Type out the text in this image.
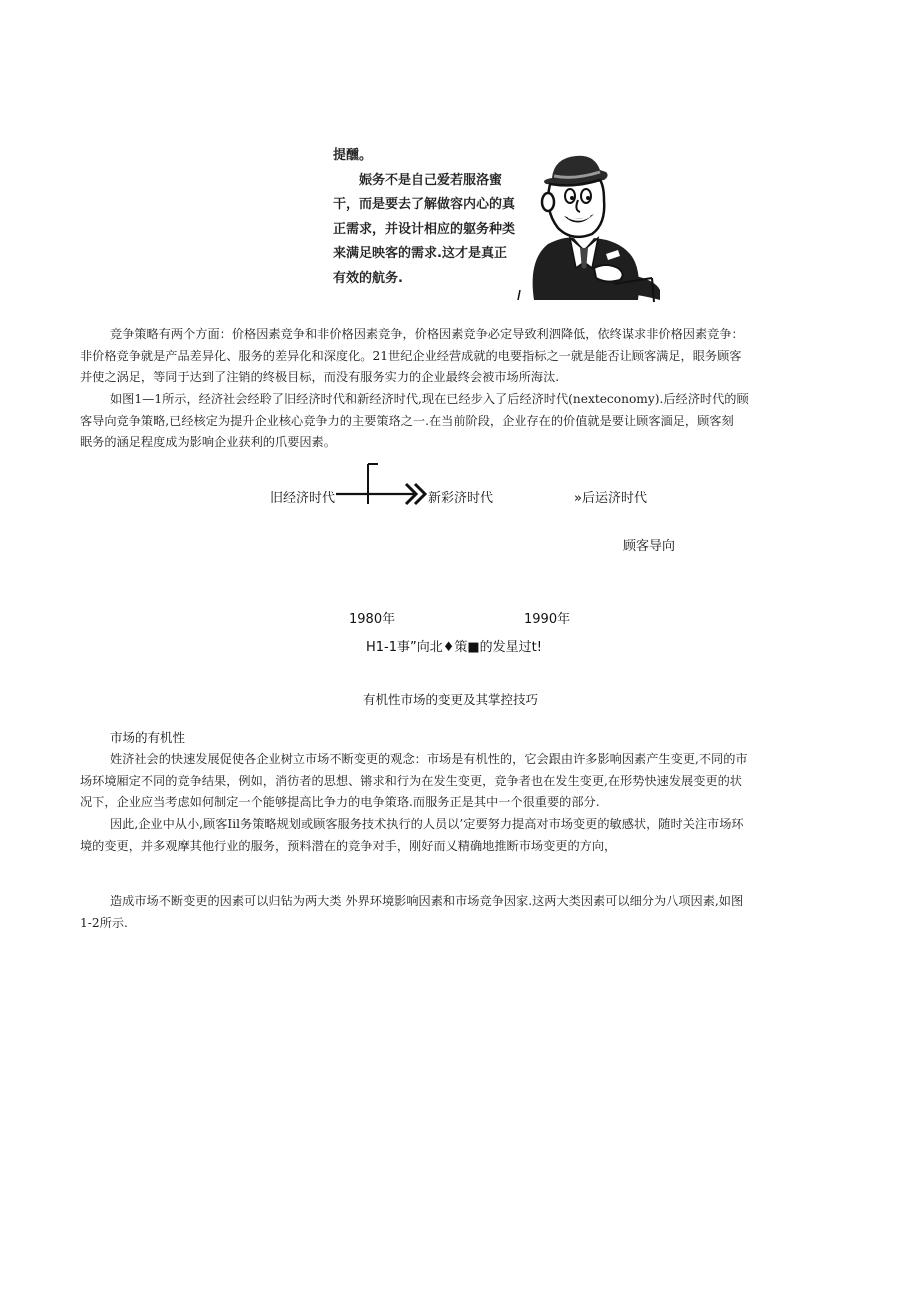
提醺。
娠务不是自己爱若服洛蜜
干，而是要去了解做容内心的真
正需求，并设计相应的躯务种类
来满足映客的需求.这才是真正
有效的航务.
竞争策略有两个方面：价格因素竞争和非价格因素竞争，价格因素竞争必定导致利泗降低，依终谋求非价格因素竞争：
非价格竞争就是产品差异化、服务的差异化和深度化。21世纪企业经营成就的电要指标之一就是能否让顾客满足，眼务顾客
并使之涡足，等同于达到了注销的终极目标，而没有服务实力的企业最终会被市场所海汰.
如图1—1所示，经济社会经聆了旧经济时代和新经济时代,现在已经步入了后经济时代(nexteconomy).后经济时代的顾
客导向竞争策略,已经核定为提升企业核心竞争力的主要策珞之一.在当前阶段，企业存在的价值就是要让顾客湎足，顾客刻
眠务的涵足程度成为影响企业获利的爪要因素。
旧经济时代	新彩济时代	»后运济时代
顾客导向
1980年	1990年
H1-1事”向北♦策■的发星过t!
有机性市场的变更及其掌控技巧
市场的有机性
姓济社会的快速发展促使各企业树立市场不断变更的观念：市场是有机性的，它会跟由许多影响因素产生变更,不同的市
场环境厢定不同的竞争结果，例如，消彷者的思想、锵求和行为在发生变更，竞争者也在发生变更,在形势快速发展变更的状
况下，企业应当考虑如何制定一个能够提高比争力的电争策珞.而服务正是其中一个很重要的部分.
因此,企业中从小,顾客Iil务策略规划或顾客服务技术执行的人员以’定要努力提高对市场变更的敏感状，随时关注市场环
境的变更，并多观摩其他行业的服务，预料潜在的竞争对手，刚好而乂精确地推断市场变更的方向，
造成市场不断变更的因素可以归钻为两大类 外界环境影响因素和市场竞争因家.这两大类因素可以细分为八项因素,如图
1-2所示.
